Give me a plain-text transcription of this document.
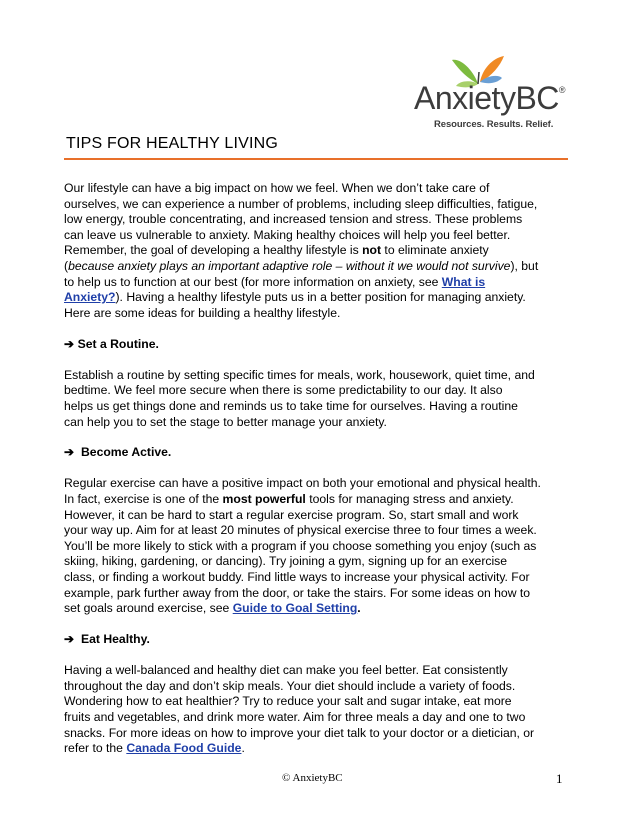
AnxietyBC®
Resources. Results. Relief.
TIPS FOR HEALTHY LIVING

Our lifestyle can have a big impact on how we feel. When we don’t take care of

ourselves, we can experience a number of problems, including sleep difficulties, fatigue,

low energy, trouble concentrating, and increased tension and stress. These problems

can leave us vulnerable to anxiety. Making healthy choices will help you feel better.

Remember, the goal of developing a healthy lifestyle is not to eliminate anxiety

(because anxiety plays an important adaptive role – without it we would not survive), but

to help us to function at our best (for more information on anxiety, see What is

Anxiety?). Having a healthy lifestyle puts us in a better position for managing anxiety.

Here are some ideas for building a healthy lifestyle.

➔ Set a Routine.

Establish a routine by setting specific times for meals, work, housework, quiet time, and

bedtime. We feel more secure when there is some predictability to our day. It also

helps us get things done and reminds us to take time for ourselves. Having a routine

can help you to set the stage to better manage your anxiety.

➔ Become Active.

Regular exercise can have a positive impact on both your emotional and physical health.

In fact, exercise is one of the most powerful tools for managing stress and anxiety.

However, it can be hard to start a regular exercise program. So, start small and work

your way up. Aim for at least 20 minutes of physical exercise three to four times a week.

You’ll be more likely to stick with a program if you choose something you enjoy (such as

skiing, hiking, gardening, or dancing). Try joining a gym, signing up for an exercise

class, or finding a workout buddy. Find little ways to increase your physical activity. For

example, park further away from the door, or take the stairs. For some ideas on how to

set goals around exercise, see Guide to Goal Setting.

➔ Eat Healthy.

Having a well-balanced and healthy diet can make you feel better. Eat consistently

throughout the day and don’t skip meals. Your diet should include a variety of foods.

Wondering how to eat healthier? Try to reduce your salt and sugar intake, eat more

fruits and vegetables, and drink more water. Aim for three meals a day and one to two

snacks. For more ideas on how to improve your diet talk to your doctor or a dietician, or

refer to the Canada Food Guide.

© AnxietyBC	1
